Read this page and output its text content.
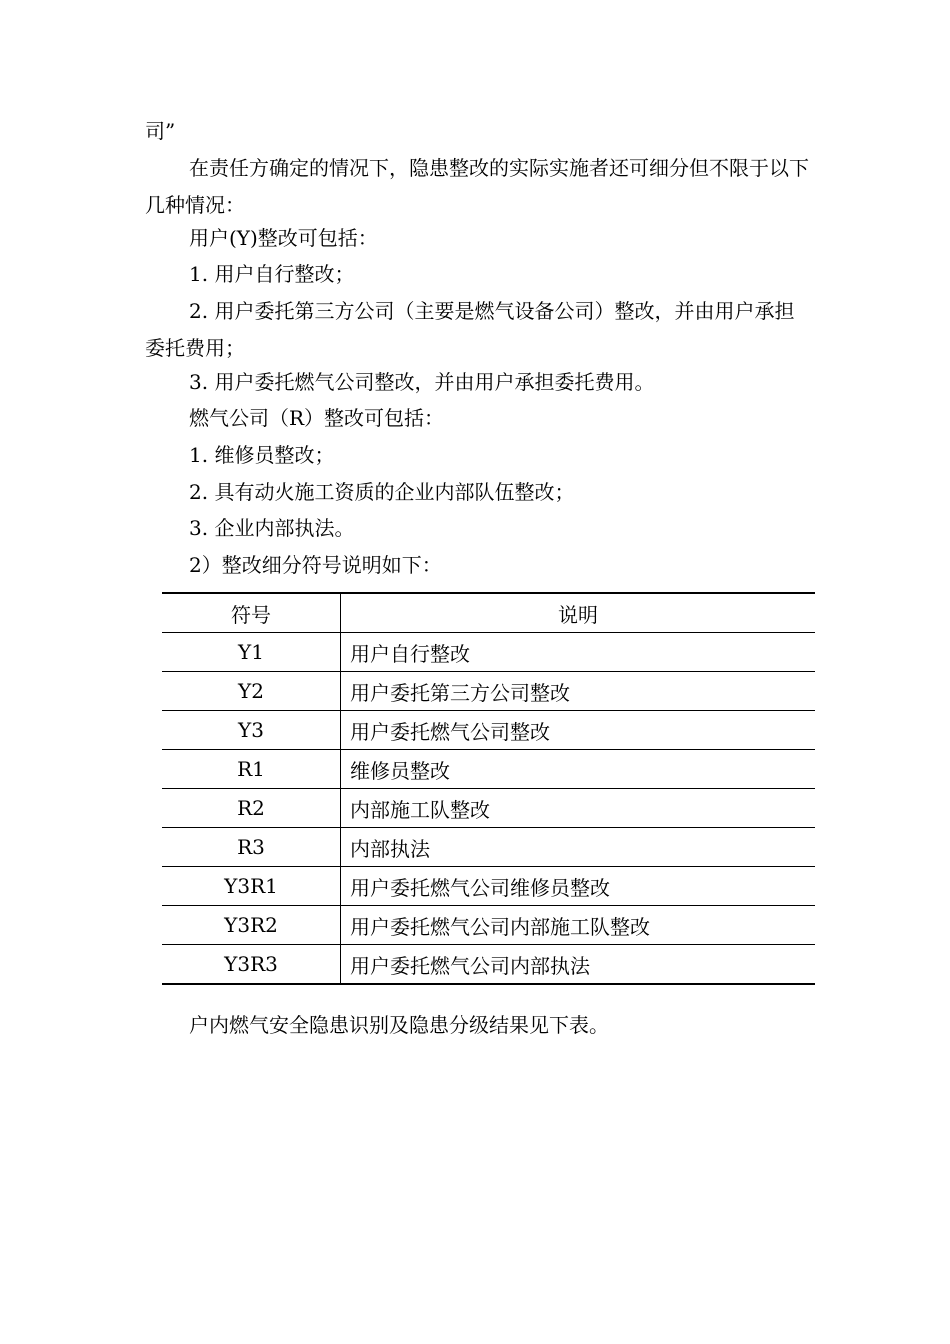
司”

在责任方确定的情况下，隐患整改的实际实施者还可细分但不限于以下几种情况：

用户(Y)整改可包括：

1. 用户自行整改；

2. 用户委托第三方公司（主要是燃气设备公司）整改，并由用户承担委托费用；

3. 用户委托燃气公司整改，并由用户承担委托费用。

燃气公司（R）整改可包括：

1. 维修员整改；

2. 具有动火施工资质的企业内部队伍整改；

3. 企业内部执法。

2）整改细分符号说明如下：

符号	说明
Y1	用户自行整改
Y2	用户委托第三方公司整改
Y3	用户委托燃气公司整改
R1	维修员整改
R2	内部施工队整改
R3	内部执法
Y3R1	用户委托燃气公司维修员整改
Y3R2	用户委托燃气公司内部施工队整改
Y3R3	用户委托燃气公司内部执法

户内燃气安全隐患识别及隐患分级结果见下表。
